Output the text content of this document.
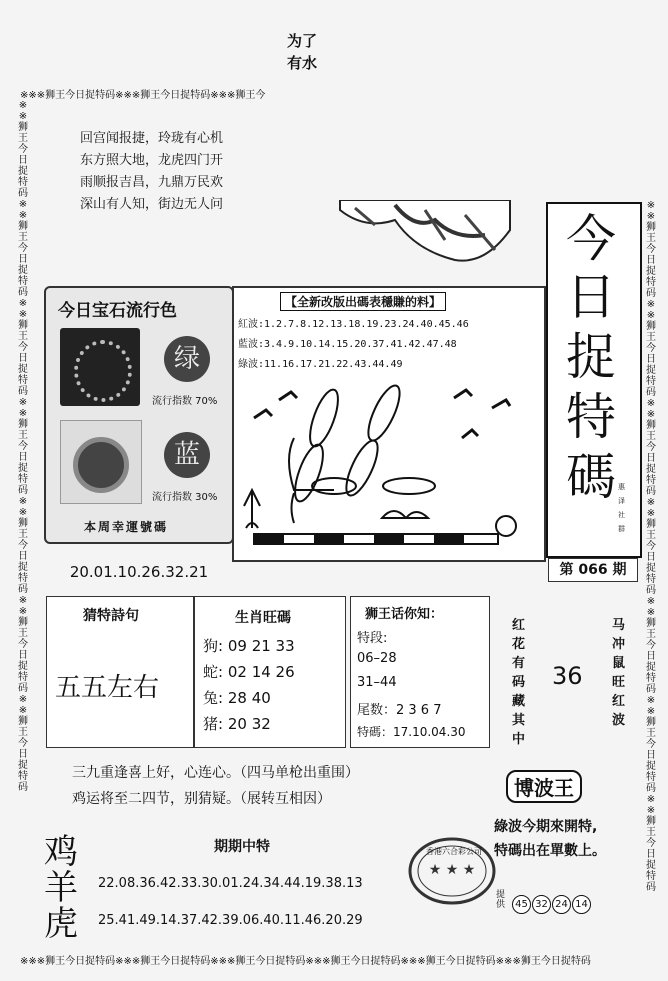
※※※狮王今日捉特码※※※狮王今日捉特码※※※狮王今
※※※狮王今日捉特码※※※狮王今日捉特码※※※狮王今日捉特码※※※狮王今日捉特码※※※狮王今日捉特码※※※狮王今日捉特码
※※狮王今日捉特码※※狮王今日捉特码※※狮王今日捉特码※※狮王今日捉特码※※狮王今日捉特码※※狮王今日捉特码※※狮王今日捉特码
※※狮王今日捉特码※※狮王今日捉特码※※狮王今日捉特码※※狮王今日捉特码※※狮王今日捉特码※※狮王今日捉特码※※狮王今日捉特码
为了
有水
回宫闻报捷，玲珑有心机
东方照大地，龙虎四门开
雨顺报吉昌，九鼎万民欢
深山有人知，街边无人问
今
日
捉
特
碼 惠
泽
社
群
第 066 期
今日宝石流行色
绿
流行指数 70%
蓝
流行指数 30%
本周幸運號碼
20.01.10.26.32.21
【全新改版出碼表穩賺的料】
紅波:1.2.7.8.12.13.18.19.23.24.40.45.46
藍波:3.4.9.10.14.15.20.37.41.42.47.48
綠波:11.16.17.21.22.43.44.49
猜特詩句
五五左右
生肖旺碼
狗: 09 21 33
蛇: 02 14 26
兔: 28 40
猪: 20 32
狮王话你知：
特段:
06–28
31–44
尾数：2 3 6 7
特碼：17.10.04.30
红
花
有
码
藏
其
中
36
马
冲
鼠
旺
红
波
三九重逢喜上好，心连心。（四马单枪出重围）
鸡运将至二四节，别猜疑。（展转互相因）
鸡
羊
虎
期期中特
22.08.36.42.33.30.01.24.34.44.19.38.13
25.41.49.14.37.42.39.06.40.11.46.20.29
★ ★ ★
香港六合彩公司
博波王
綠波今期來開特,
特碼出在單數上。
提供	45 32 24 14
